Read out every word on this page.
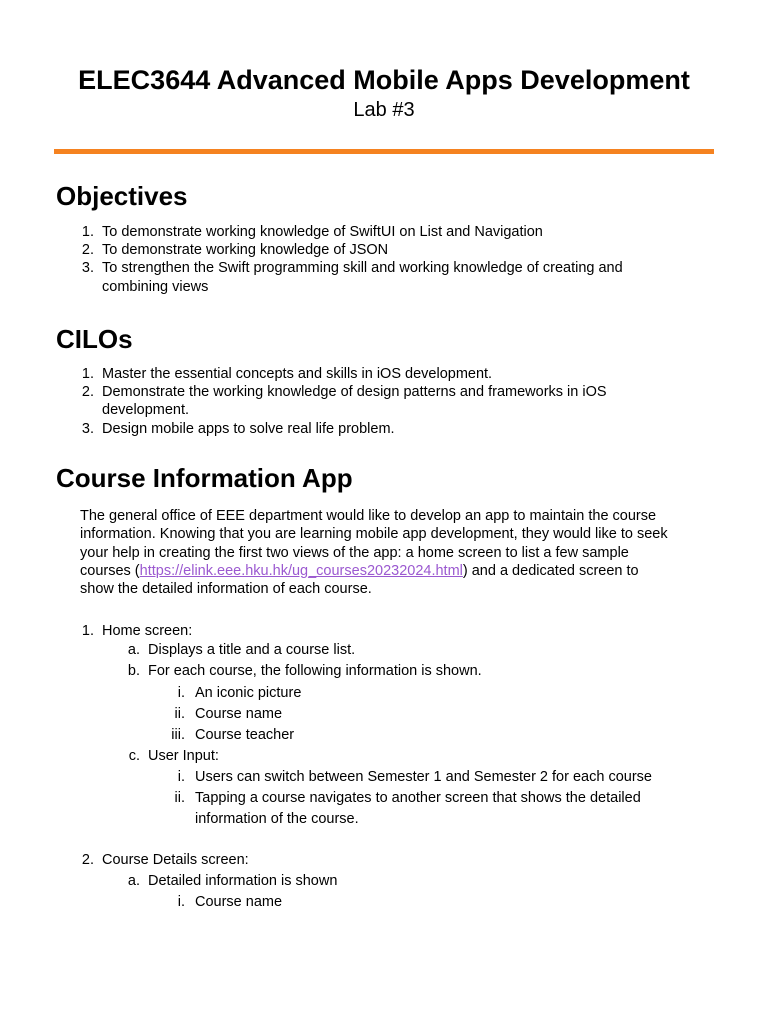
ELEC3644 Advanced Mobile Apps Development
Lab #3
Objectives
1. To demonstrate working knowledge of SwiftUI on List and Navigation
2. To demonstrate working knowledge of JSON
3. To strengthen the Swift programming skill and working knowledge of creating and
combining views
CILOs
1. Master the essential concepts and skills in iOS development.
2. Demonstrate the working knowledge of design patterns and frameworks in iOS
development.
3. Design mobile apps to solve real life problem.
Course Information App
The general office of EEE department would like to develop an app to maintain the course
information. Knowing that you are learning mobile app development, they would like to seek
your help in creating the first two views of the app: a home screen to list a few sample
courses (https://elink.eee.hku.hk/ug_courses20232024.html) and a dedicated screen to
show the detailed information of each course.
1. Home screen:
a. Displays a title and a course list.
b. For each course, the following information is shown.
i. An iconic picture
ii. Course name
iii. Course teacher
c. User Input:
i. Users can switch between Semester 1 and Semester 2 for each course
ii. Tapping a course navigates to another screen that shows the detailed
information of the course.
2. Course Details screen:
a. Detailed information is shown
i. Course name
